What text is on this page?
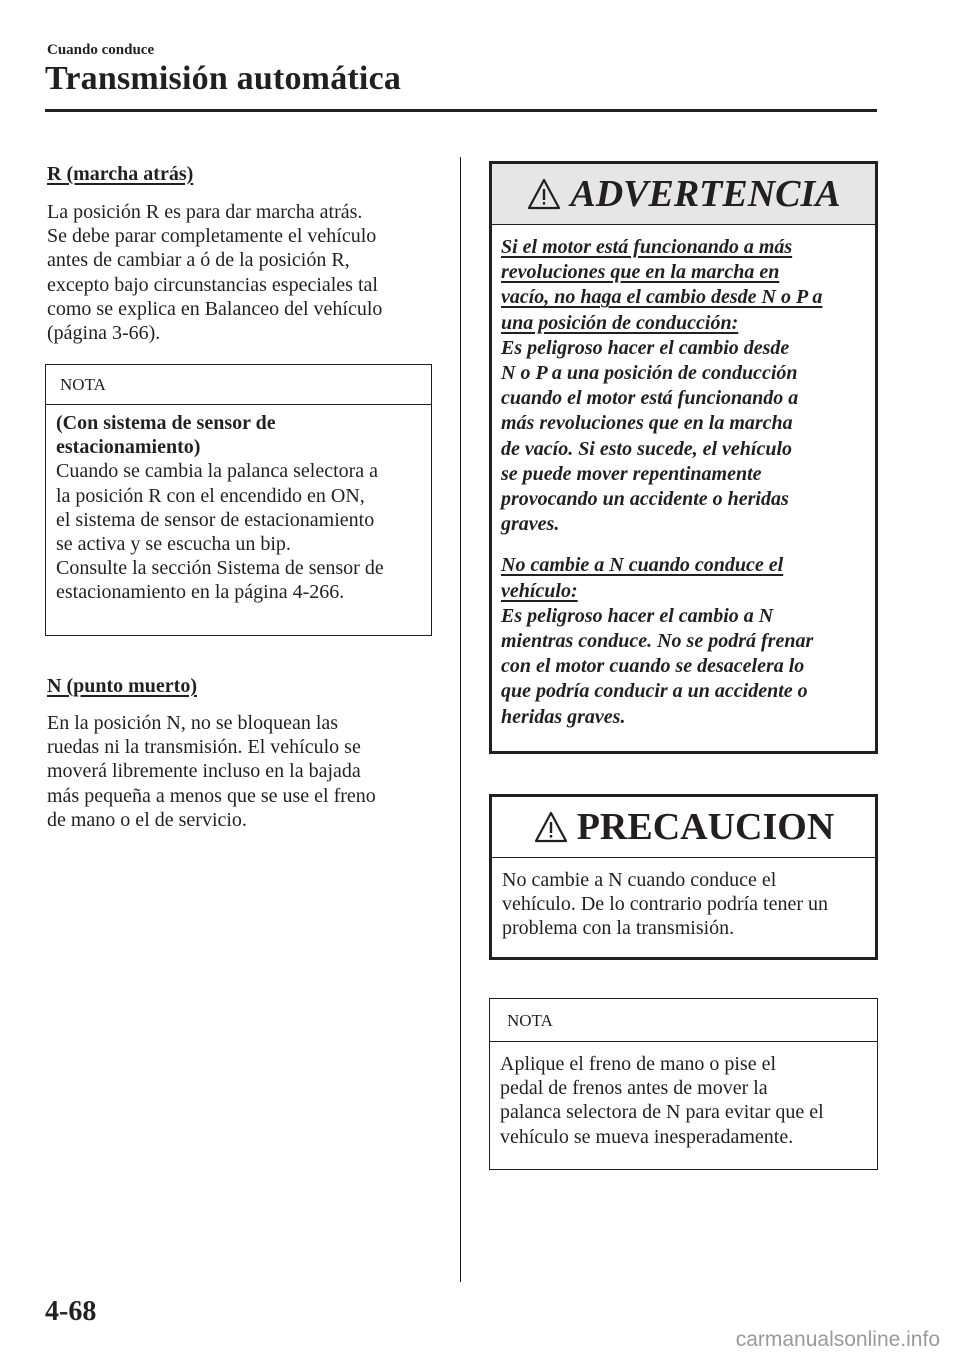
Cuando conduce
Transmisión automática
R (marcha atrás)
La posición R es para dar marcha atrás.
Se debe parar completamente el vehículo
antes de cambiar a ó de la posición R,
excepto bajo circunstancias especiales tal
como se explica en Balanceo del vehículo
(página 3-66).
NOTA
(Con sistema de sensor de
estacionamiento)
Cuando se cambia la palanca selectora a
la posición R con el encendido en ON,
el sistema de sensor de estacionamiento
se activa y se escucha un bip.
Consulte la sección Sistema de sensor de
estacionamiento en la página 4-266.
N (punto muerto)
En la posición N, no se bloquean las
ruedas ni la transmisión. El vehículo se
moverá libremente incluso en la bajada
más pequeña a menos que se use el freno
de mano o el de servicio.
ADVERTENCIA
Si el motor está funcionando a más
revoluciones que en la marcha en
vacío, no haga el cambio desde N o P a
una posición de conducción:
Es peligroso hacer el cambio desde
N o P a una posición de conducción
cuando el motor está funcionando a
más revoluciones que en la marcha
de vacío. Si esto sucede, el vehículo
se puede mover repentinamente
provocando un accidente o heridas
graves.
No cambie a N cuando conduce el
vehículo:
Es peligroso hacer el cambio a N
mientras conduce. No se podrá frenar
con el motor cuando se desacelera lo
que podría conducir a un accidente o
heridas graves.
PRECAUCION
No cambie a N cuando conduce el
vehículo. De lo contrario podría tener un
problema con la transmisión.
NOTA
Aplique el freno de mano o pise el
pedal de frenos antes de mover la
palanca selectora de N para evitar que el
vehículo se mueva inesperadamente.
4-68
carmanualsonline.info
